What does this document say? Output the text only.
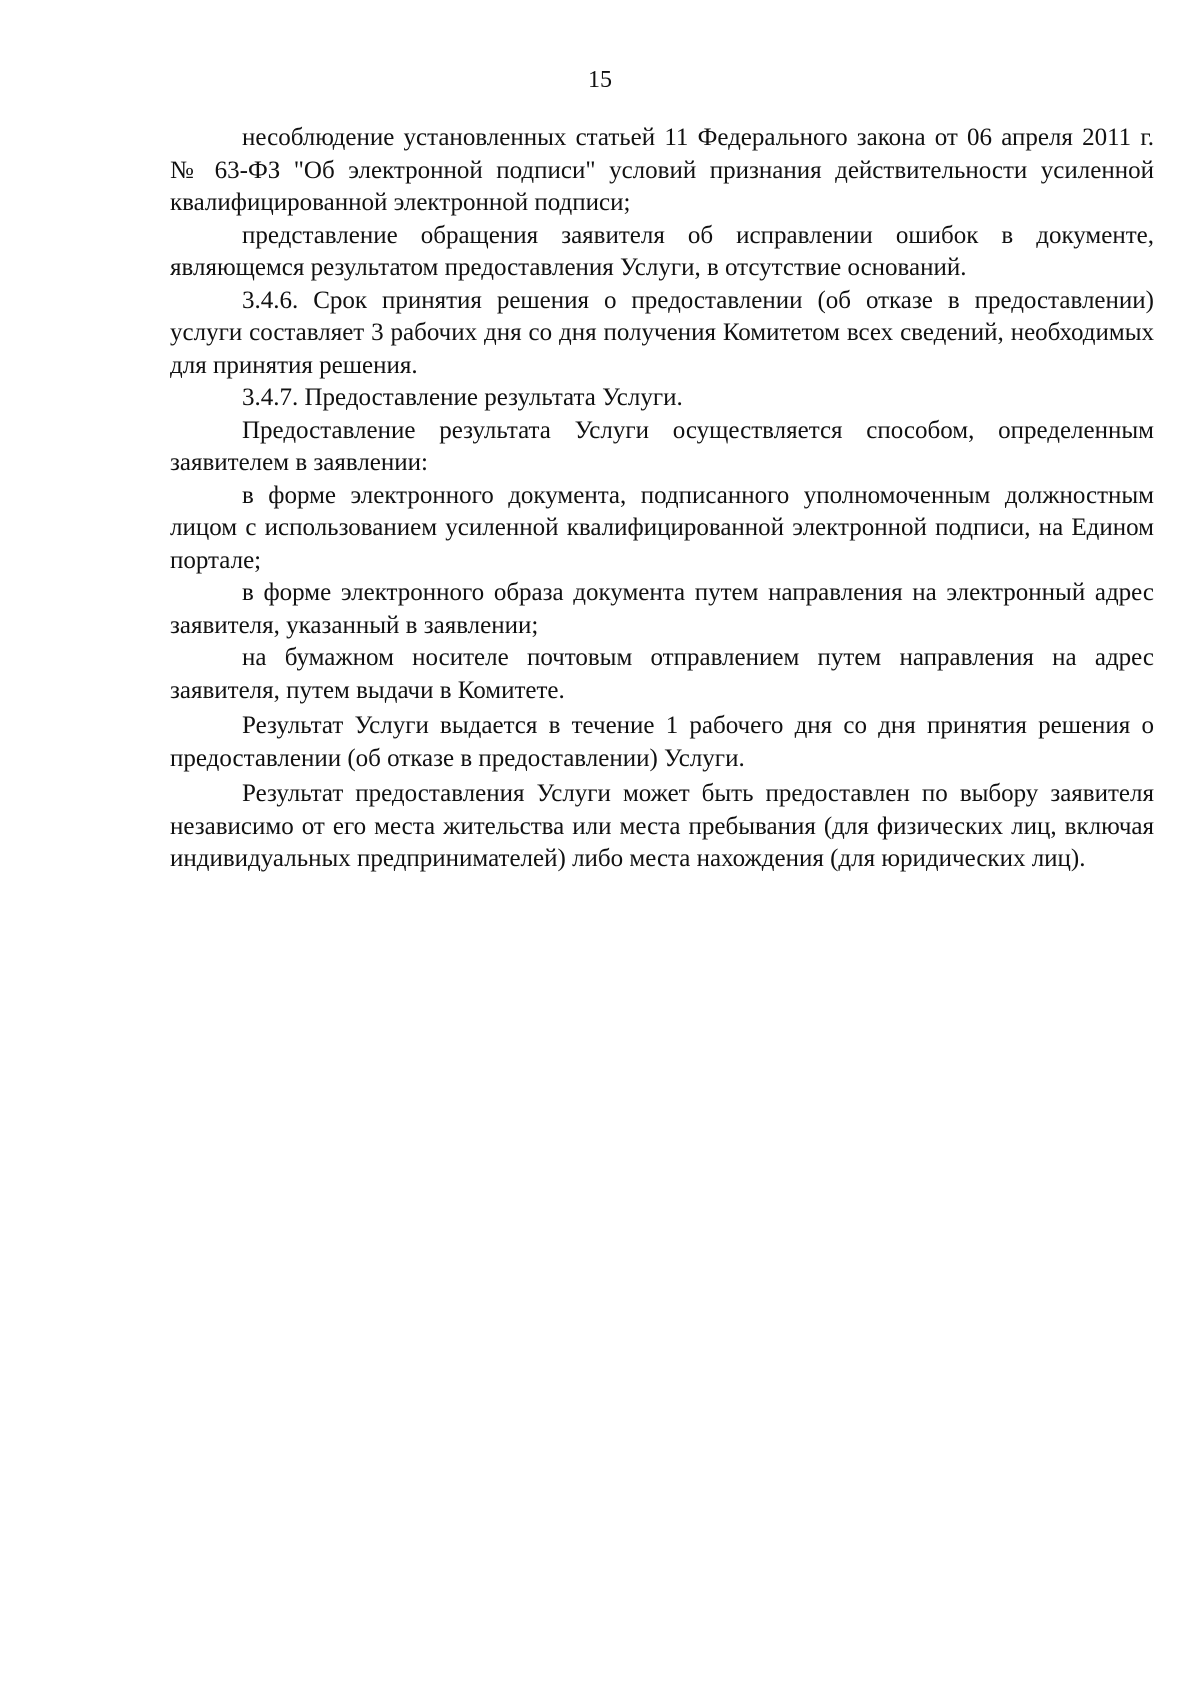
15

несоблюдение установленных статьей 11 Федерального закона от 06 апреля 2011 г. № 63-ФЗ "Об электронной подписи" условий признания действительности усиленной квалифицированной электронной подписи;

представление обращения заявителя об исправлении ошибок в документе, являющемся результатом предоставления Услуги, в отсутствие оснований.

3.4.6. Срок принятия решения о предоставлении (об отказе в предоставлении) услуги составляет 3 рабочих дня со дня получения Комитетом всех сведений, необходимых для принятия решения.

3.4.7. Предоставление результата Услуги.

Предоставление результата Услуги осуществляется способом, определенным заявителем в заявлении:

в форме электронного документа, подписанного уполномоченным должностным лицом с использованием усиленной квалифицированной электронной подписи, на Едином портале;

в форме электронного образа документа путем направления на электронный адрес заявителя, указанный в заявлении;

на бумажном носителе почтовым отправлением путем направления на адрес заявителя, путем выдачи в Комитете.

Результат Услуги выдается в течение 1 рабочего дня со дня принятия решения о предоставлении (об отказе в предоставлении) Услуги.

Результат предоставления Услуги может быть предоставлен по выбору заявителя независимо от его места жительства или места пребывания (для физических лиц, включая индивидуальных предпринимателей) либо места нахождения (для юридических лиц).
